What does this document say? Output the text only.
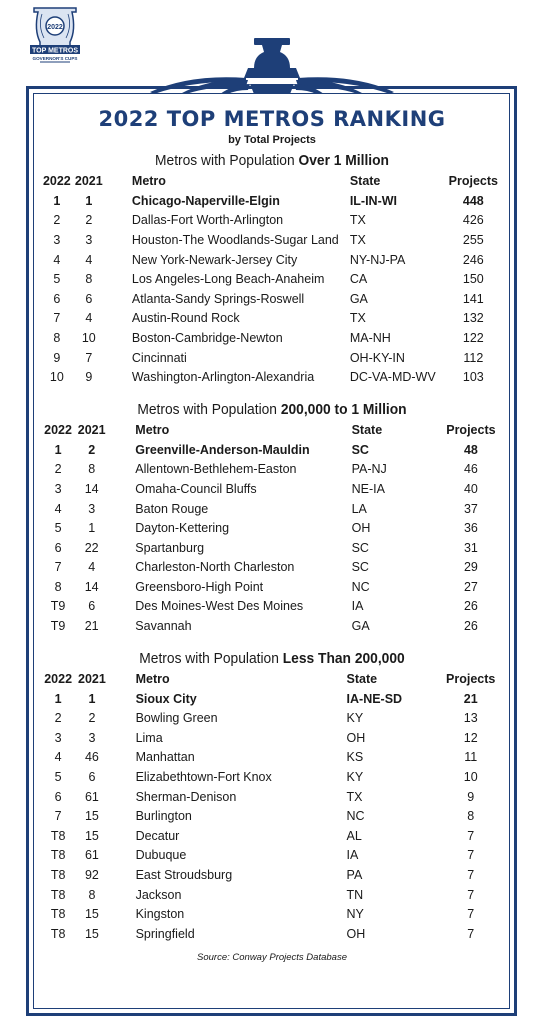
2022
TOP METROS
GOVERNOR'S CUPS
2022 TOP METROS RANKING
by Total Projects
Metros with Population Over 1 Million
2022	2021	Metro	State	Projects
1	1	Chicago-Naperville-Elgin	IL-IN-WI	448
2	2	Dallas-Fort Worth-Arlington	TX	426
3	3	Houston-The Woodlands-Sugar Land	TX	255
4	4	New York-Newark-Jersey City	NY-NJ-PA	246
5	8	Los Angeles-Long Beach-Anaheim	CA	150
6	6	Atlanta-Sandy Springs-Roswell	GA	141
7	4	Austin-Round Rock	TX	132
8	10	Boston-Cambridge-Newton	MA-NH	122
9	7	Cincinnati	OH-KY-IN	112
10	9	Washington-Arlington-Alexandria	DC-VA-MD-WV	103
Metros with Population 200,000 to 1 Million
2022	2021	Metro	State	Projects
1	2	Greenville-Anderson-Mauldin	SC	48
2	8	Allentown-Bethlehem-Easton	PA-NJ	46
3	14	Omaha-Council Bluffs	NE-IA	40
4	3	Baton Rouge	LA	37
5	1	Dayton-Kettering	OH	36
6	22	Spartanburg	SC	31
7	4	Charleston-North Charleston	SC	29
8	14	Greensboro-High Point	NC	27
T9	6	Des Moines-West Des Moines	IA	26
T9	21	Savannah	GA	26
Metros with Population Less Than 200,000
2022	2021	Metro	State	Projects
1	1	Sioux City	IA-NE-SD	21
2	2	Bowling Green	KY	13
3	3	Lima	OH	12
4	46	Manhattan	KS	11
5	6	Elizabethtown-Fort Knox	KY	10
6	61	Sherman-Denison	TX	9
7	15	Burlington	NC	8
T8	15	Decatur	AL	7
T8	61	Dubuque	IA	7
T8	92	East Stroudsburg	PA	7
T8	8	Jackson	TN	7
T8	15	Kingston	NY	7
T8	15	Springfield	OH	7
Source: Conway Projects Database
